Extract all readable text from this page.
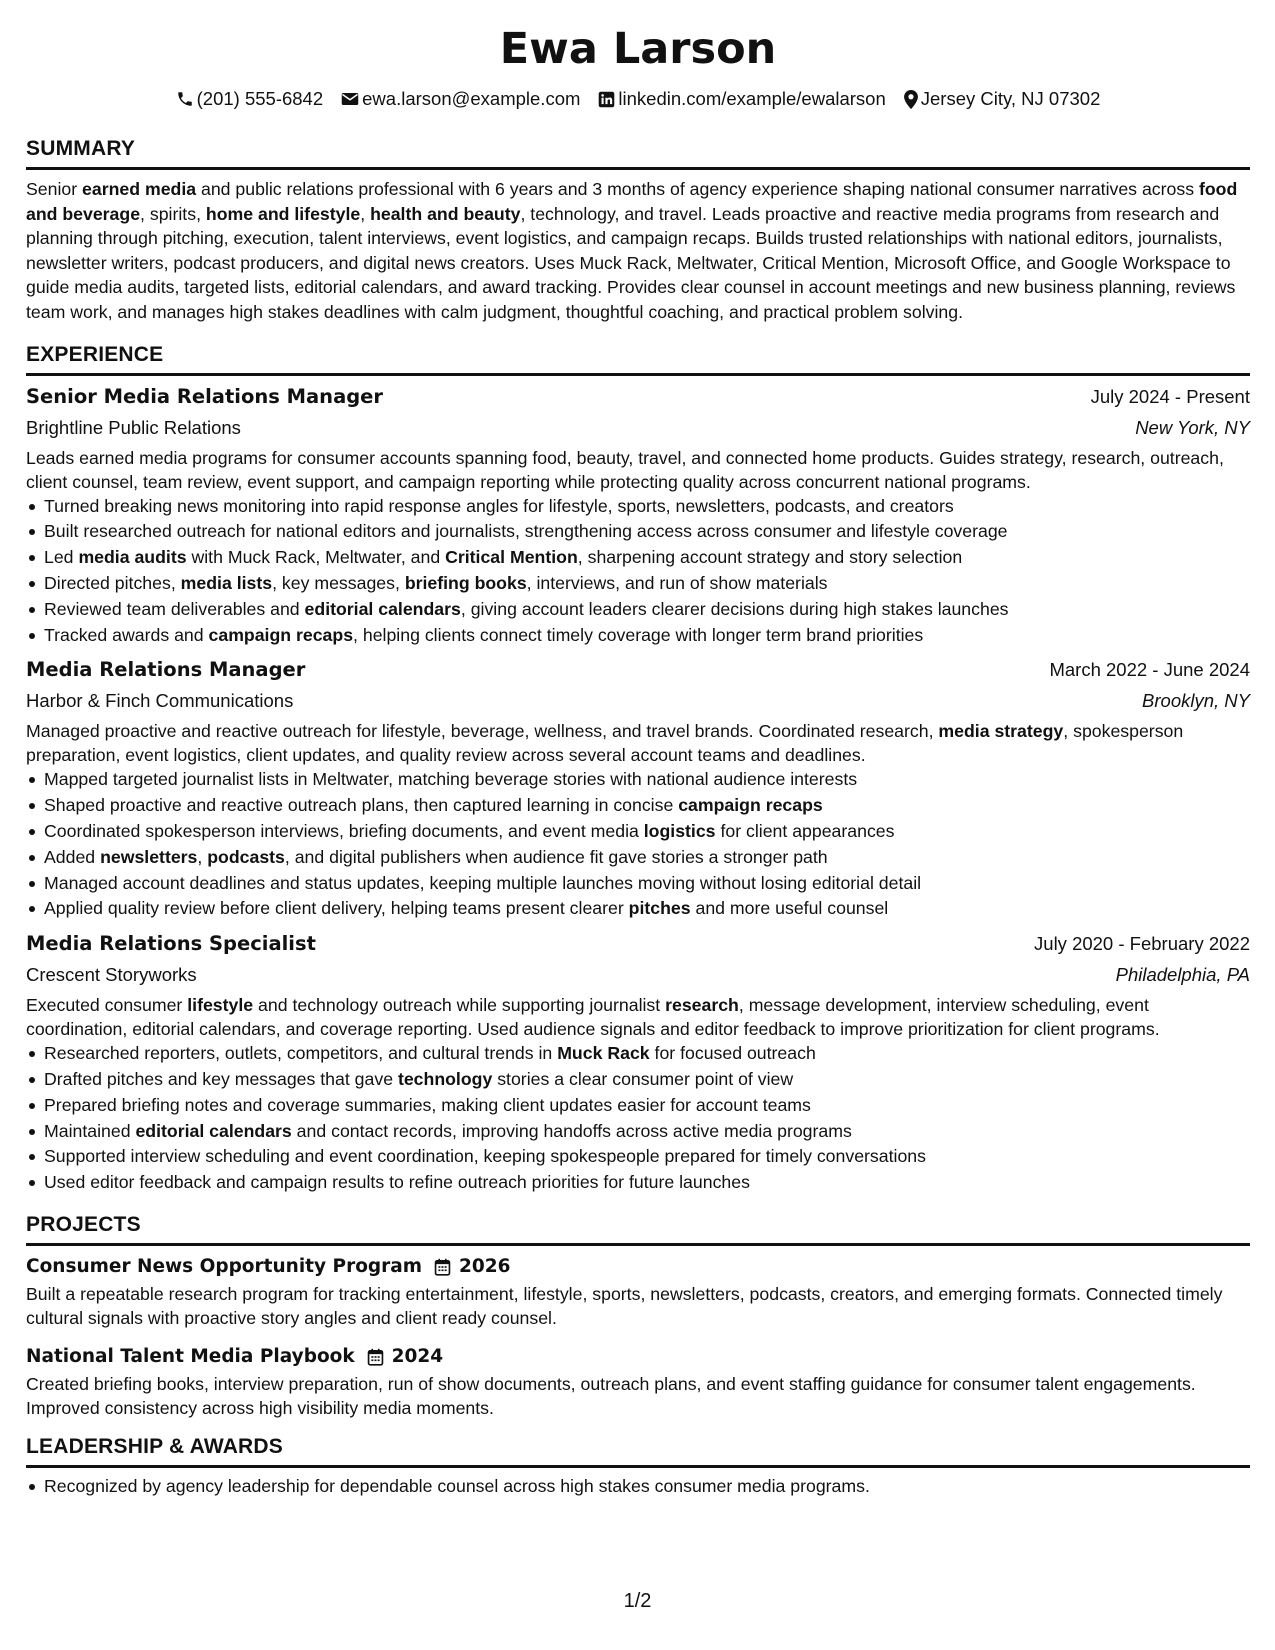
Ewa Larson
(201) 555-6842 ewa.larson@example.com linkedin.com/example/ewalarson Jersey City, NJ 07302
SUMMARY
Senior earned media and public relations professional with 6 years and 3 months of agency experience shaping national consumer narratives across food and beverage, spirits, home and lifestyle, health and beauty, technology, and travel. Leads proactive and reactive media programs from research and planning through pitching, execution, talent interviews, event logistics, and campaign recaps. Builds trusted relationships with national editors, journalists, newsletter writers, podcast producers, and digital news creators. Uses Muck Rack, Meltwater, Critical Mention, Microsoft Office, and Google Workspace to guide media audits, targeted lists, editorial calendars, and award tracking. Provides clear counsel in account meetings and new business planning, reviews team work, and manages high stakes deadlines with calm judgment, thoughtful coaching, and practical problem solving.
EXPERIENCE
Senior Media Relations Manager	July 2024 - Present
Brightline Public Relations	New York, NY
Leads earned media programs for consumer accounts spanning food, beauty, travel, and connected home products. Guides strategy, research, outreach, client counsel, team review, event support, and campaign reporting while protecting quality across concurrent national programs.
Turned breaking news monitoring into rapid response angles for lifestyle, sports, newsletters, podcasts, and creators
Built researched outreach for national editors and journalists, strengthening access across consumer and lifestyle coverage
Led media audits with Muck Rack, Meltwater, and Critical Mention, sharpening account strategy and story selection
Directed pitches, media lists, key messages, briefing books, interviews, and run of show materials
Reviewed team deliverables and editorial calendars, giving account leaders clearer decisions during high stakes launches
Tracked awards and campaign recaps, helping clients connect timely coverage with longer term brand priorities
Media Relations Manager	March 2022 - June 2024
Harbor & Finch Communications	Brooklyn, NY
Managed proactive and reactive outreach for lifestyle, beverage, wellness, and travel brands. Coordinated research, media strategy, spokesperson preparation, event logistics, client updates, and quality review across several account teams and deadlines.
Mapped targeted journalist lists in Meltwater, matching beverage stories with national audience interests
Shaped proactive and reactive outreach plans, then captured learning in concise campaign recaps
Coordinated spokesperson interviews, briefing documents, and event media logistics for client appearances
Added newsletters, podcasts, and digital publishers when audience fit gave stories a stronger path
Managed account deadlines and status updates, keeping multiple launches moving without losing editorial detail
Applied quality review before client delivery, helping teams present clearer pitches and more useful counsel
Media Relations Specialist	July 2020 - February 2022
Crescent Storyworks	Philadelphia, PA
Executed consumer lifestyle and technology outreach while supporting journalist research, message development, interview scheduling, event coordination, editorial calendars, and coverage reporting. Used audience signals and editor feedback to improve prioritization for client programs.
Researched reporters, outlets, competitors, and cultural trends in Muck Rack for focused outreach
Drafted pitches and key messages that gave technology stories a clear consumer point of view
Prepared briefing notes and coverage summaries, making client updates easier for account teams
Maintained editorial calendars and contact records, improving handoffs across active media programs
Supported interview scheduling and event coordination, keeping spokespeople prepared for timely conversations
Used editor feedback and campaign results to refine outreach priorities for future launches
PROJECTS
Consumer News Opportunity Program 2026
Built a repeatable research program for tracking entertainment, lifestyle, sports, newsletters, podcasts, creators, and emerging formats. Connected timely cultural signals with proactive story angles and client ready counsel.
National Talent Media Playbook 2024
Created briefing books, interview preparation, run of show documents, outreach plans, and event staffing guidance for consumer talent engagements. Improved consistency across high visibility media moments.
LEADERSHIP & AWARDS
Recognized by agency leadership for dependable counsel across high stakes consumer media programs.
1/2
